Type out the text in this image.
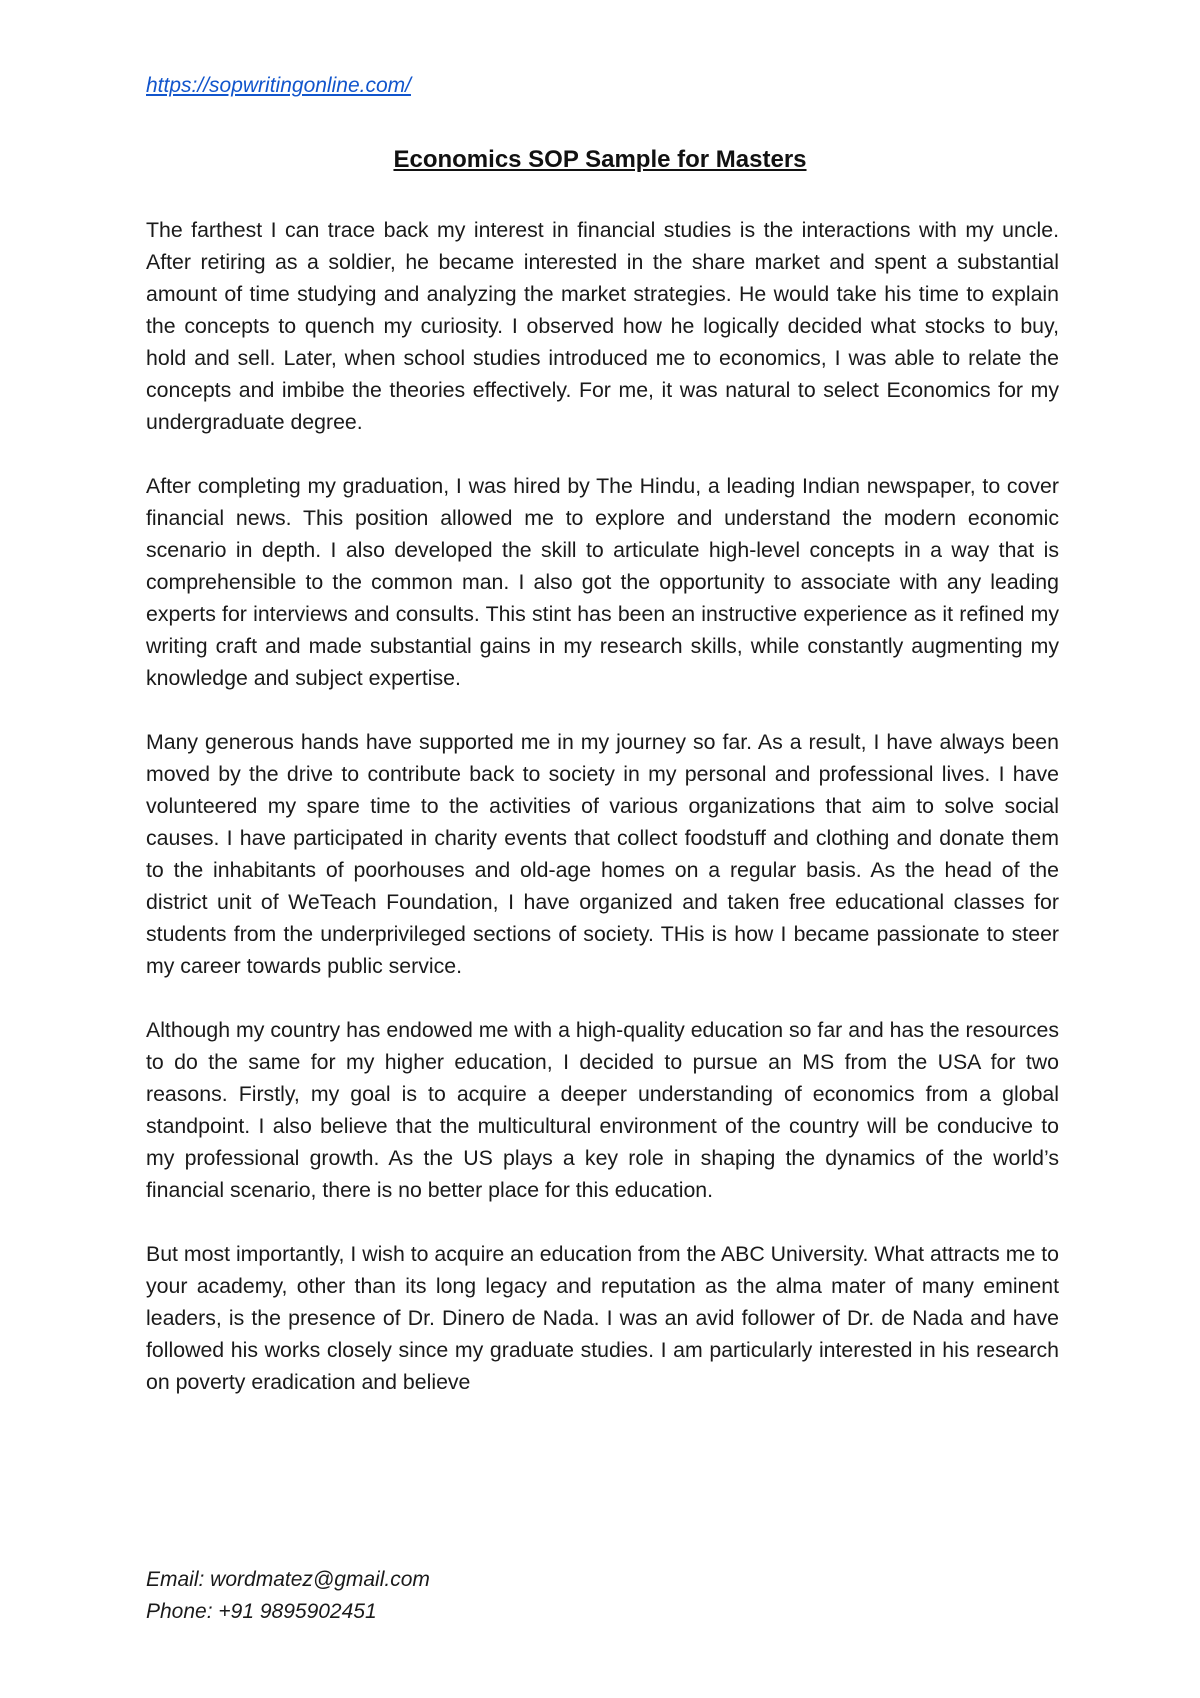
https://sopwritingonline.com/
Economics SOP Sample for Masters

The farthest I can trace back my interest in financial studies is the interactions with my uncle. After retiring as a soldier, he became interested in the share market and spent a substantial amount of time studying and analyzing the market strategies. He would take his time to explain the concepts to quench my curiosity. I observed how he logically decided what stocks to buy, hold and sell. Later, when school studies introduced me to economics, I was able to relate the concepts and imbibe the theories effectively. For me, it was natural to select Economics for my undergraduate degree.

After completing my graduation, I was hired by The Hindu, a leading Indian newspaper, to cover financial news. This position allowed me to explore and understand the modern economic scenario in depth. I also developed the skill to articulate high-level concepts in a way that is comprehensible to the common man. I also got the opportunity to associate with any leading experts for interviews and consults. This stint has been an instructive experience as it refined my writing craft and made substantial gains in my research skills, while constantly augmenting my knowledge and subject expertise.

Many generous hands have supported me in my journey so far. As a result, I have always been moved by the drive to contribute back to society in my personal and professional lives. I have volunteered my spare time to the activities of various organizations that aim to solve social causes. I have participated in charity events that collect foodstuff and clothing and donate them to the inhabitants of poorhouses and old-age homes on a regular basis. As the head of the district unit of WeTeach Foundation, I have organized and taken free educational classes for students from the underprivileged sections of society. THis is how I became passionate to steer my career towards public service.

Although my country has endowed me with a high-quality education so far and has the resources to do the same for my higher education, I decided to pursue an MS from the USA for two reasons. Firstly, my goal is to acquire a deeper understanding of economics from a global standpoint. I also believe that the multicultural environment of the country will be conducive to my professional growth. As the US plays a key role in shaping the dynamics of the world’s financial scenario, there is no better place for this education.

But most importantly, I wish to acquire an education from the ABC University. What attracts me to your academy, other than its long legacy and reputation as the alma mater of many eminent leaders, is the presence of Dr. Dinero de Nada. I was an avid follower of Dr. de Nada and have followed his works closely since my graduate studies. I am particularly interested in his research on poverty eradication and believe

Email: wordmatez@gmail.com
Phone: +91 9895902451
